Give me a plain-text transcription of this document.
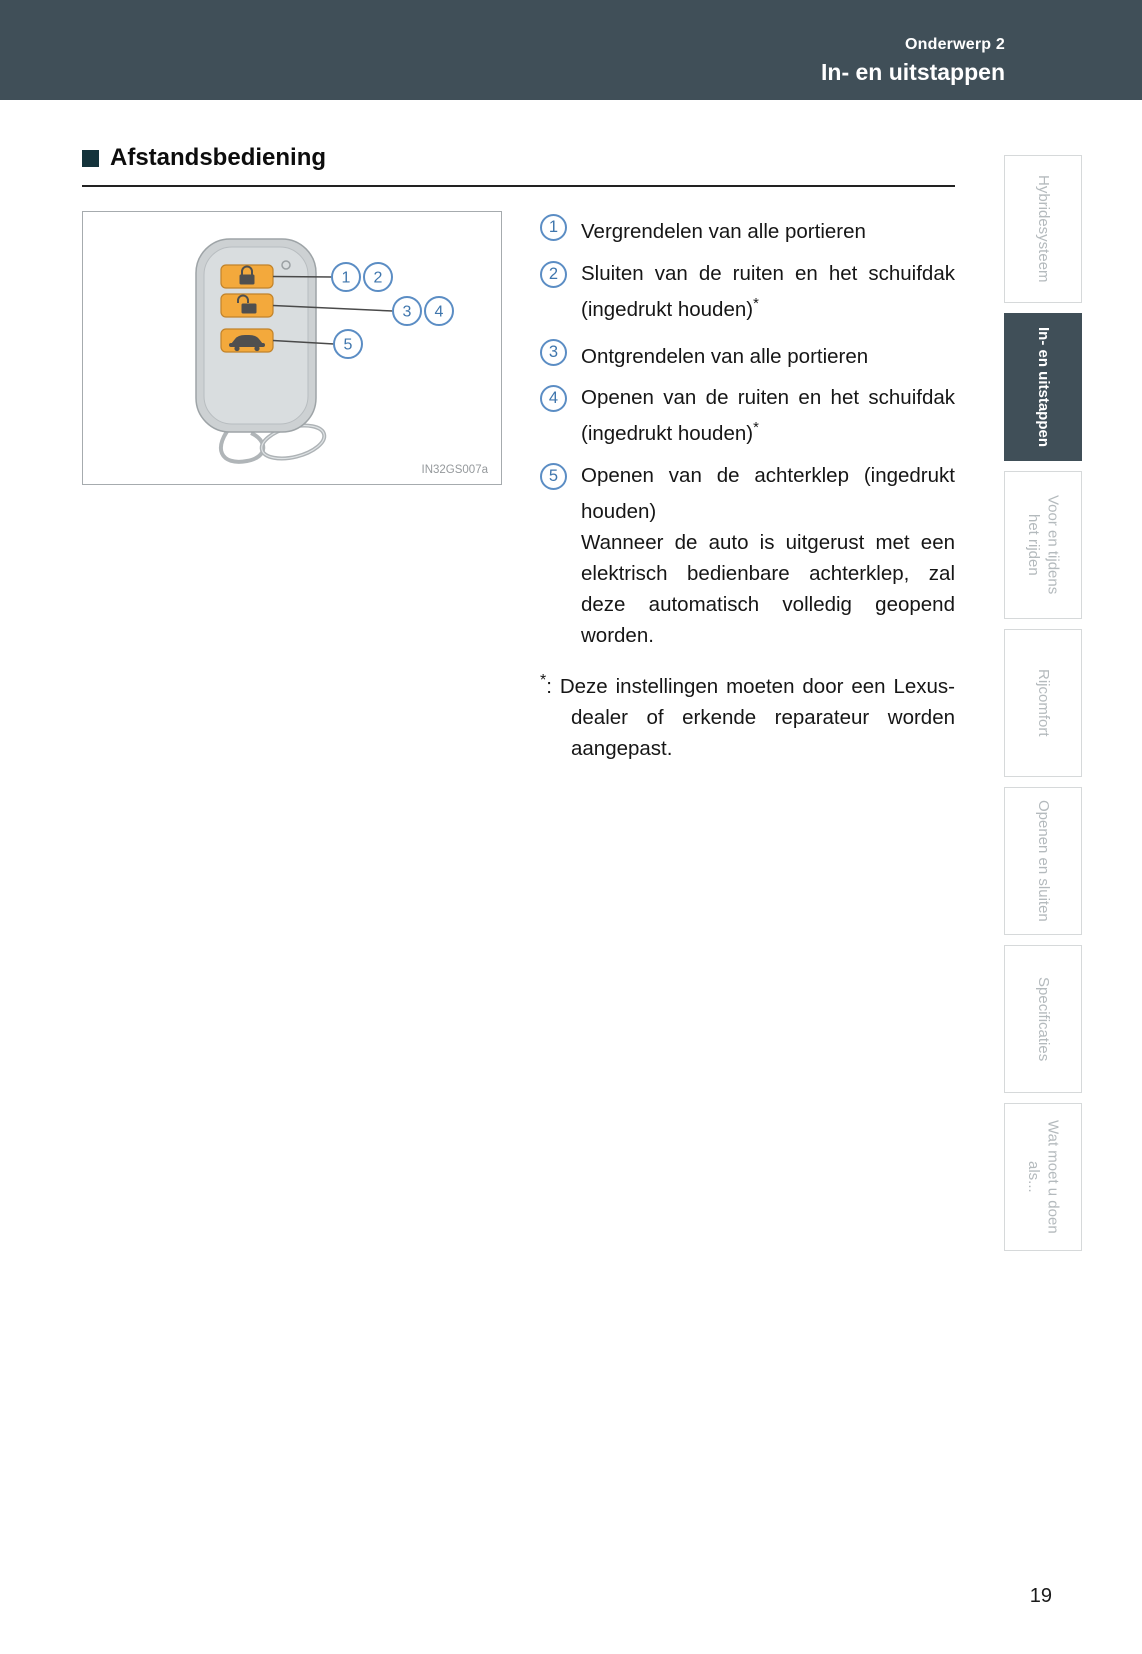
Onderwerp 2
In- en uitstappen
Afstandsbediening
1 2
3 4
5
IN32GS007a
1	Vergrendelen van alle portieren
2	Sluiten van de ruiten en het schuifdak (ingedrukt houden)*
3	Ontgrendelen van alle portieren
4	Openen van de ruiten en het schuifdak (ingedrukt houden)*
5	Openen van de achterklep (ingedrukt houden)
Wanneer de auto is uitgerust met een elektrisch bedienbare achterklep, zal deze automatisch volledig geopend worden.
*: Deze instellingen moeten door een Lexus-dealer of erkende reparateur worden aangepast.
Hybridesysteem
In- en uitstappen
Voor en tijdens het rijden
Rijcomfort
Openen en sluiten
Specificaties
Wat moet u doen als...
19
